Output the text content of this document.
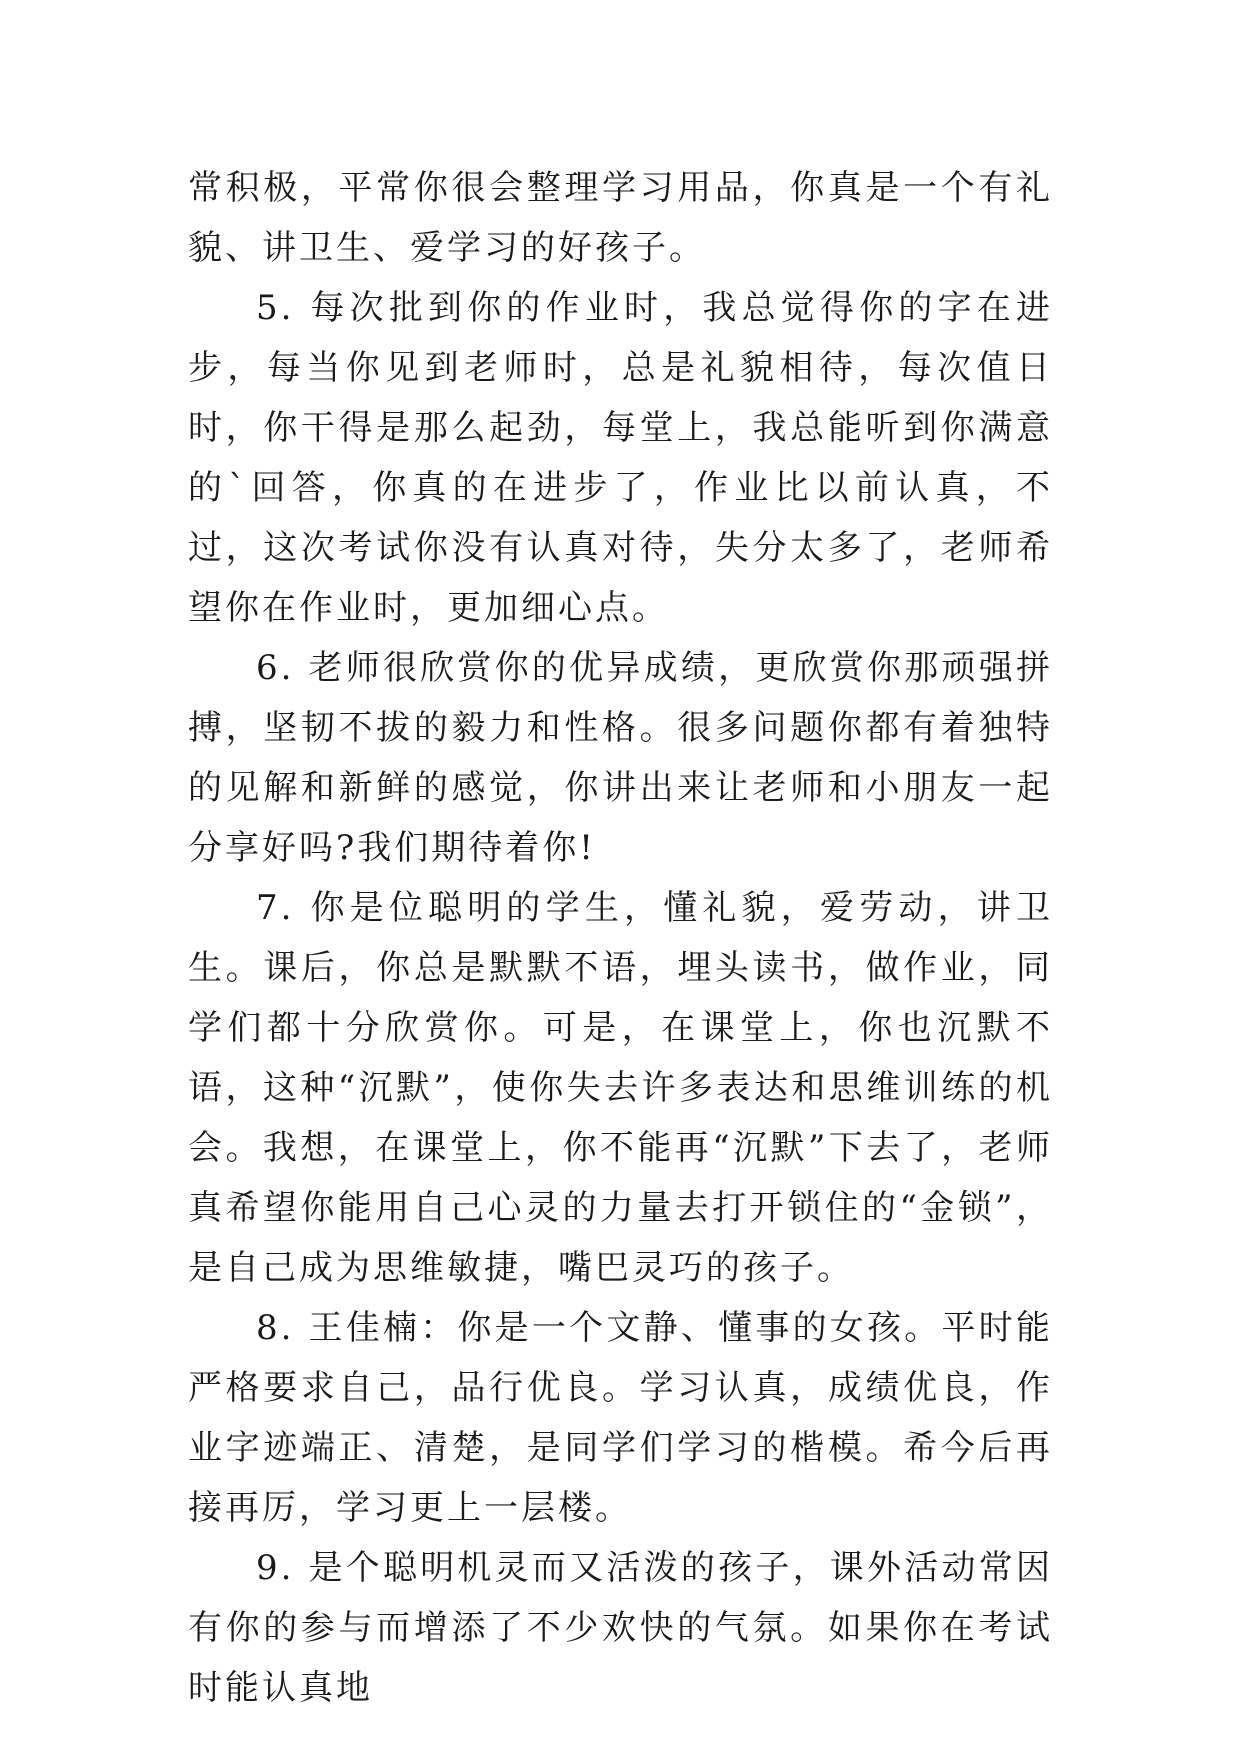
常积极，平常你很会整理学习用品，你真是一个有礼貌、讲卫生、爱学习的好孩子。

5. 每次批到你的作业时，我总觉得你的字在进步，每当你见到老师时，总是礼貌相待，每次值日时，你干得是那么起劲，每堂上，我总能听到你满意的`回答，你真的在进步了，作业比以前认真，不过，这次考试你没有认真对待，失分太多了，老师希望你在作业时，更加细心点。

6. 老师很欣赏你的优异成绩，更欣赏你那顽强拼搏，坚韧不拔的毅力和性格。很多问题你都有着独特的见解和新鲜的感觉，你讲出来让老师和小朋友一起分享好吗?我们期待着你!

7. 你是位聪明的学生，懂礼貌，爱劳动，讲卫生。课后，你总是默默不语，埋头读书，做作业，同学们都十分欣赏你。可是，在课堂上，你也沉默不语，这种“沉默”，使你失去许多表达和思维训练的机会。我想，在课堂上，你不能再“沉默”下去了，老师真希望你能用自己心灵的力量去打开锁住的“金锁”，是自己成为思维敏捷，嘴巴灵巧的孩子。

8. 王佳楠：你是一个文静、懂事的女孩。平时能严格要求自己，品行优良。学习认真，成绩优良，作业字迹端正、清楚，是同学们学习的楷模。希今后再接再厉，学习更上一层楼。

9. 是个聪明机灵而又活泼的孩子，课外活动常因有你的参与而增添了不少欢快的气氛。如果你在考试时能认真地
